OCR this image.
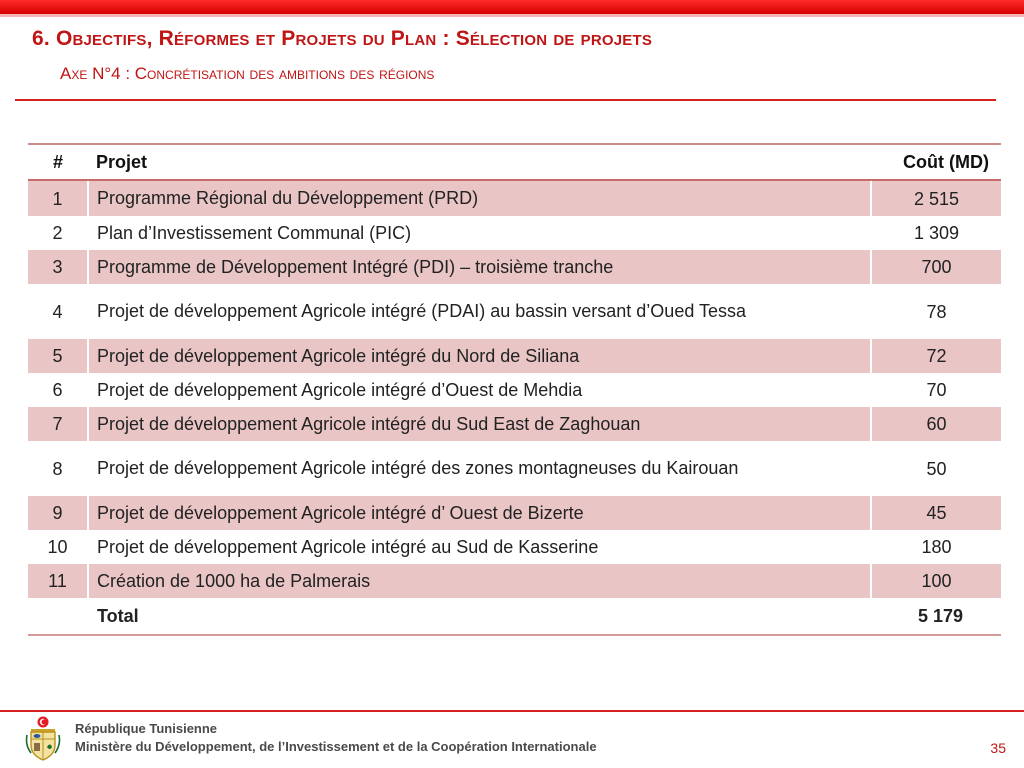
6. Objectifs, Réformes et Projets du Plan : Sélection de projets
Axe N°4 : Concrétisation des ambitions des régions
#	Projet	Coût (MD)
1	Programme Régional du Développement (PRD)	2 515
2	Plan d’Investissement Communal (PIC)	1 309
3	Programme de Développement Intégré (PDI) – troisième tranche	700
4	Projet de développement Agricole intégré (PDAI) au bassin versant d’Oued Tessa	78
5	Projet de développement Agricole intégré du Nord de Siliana	72
6	Projet de développement Agricole intégré d’Ouest de Mehdia	70
7	Projet de développement Agricole intégré du Sud East de Zaghouan	60
8	Projet de développement Agricole intégré des zones montagneuses du Kairouan	50
9	Projet de développement Agricole intégré d’ Ouest de Bizerte	45
10	Projet de développement Agricole intégré au Sud de Kasserine	180
11	Création de 1000 ha de Palmerais	100
	Total	5 179
République Tunisienne
Ministère du Développement, de l’Investissement et de la Coopération Internationale	35
